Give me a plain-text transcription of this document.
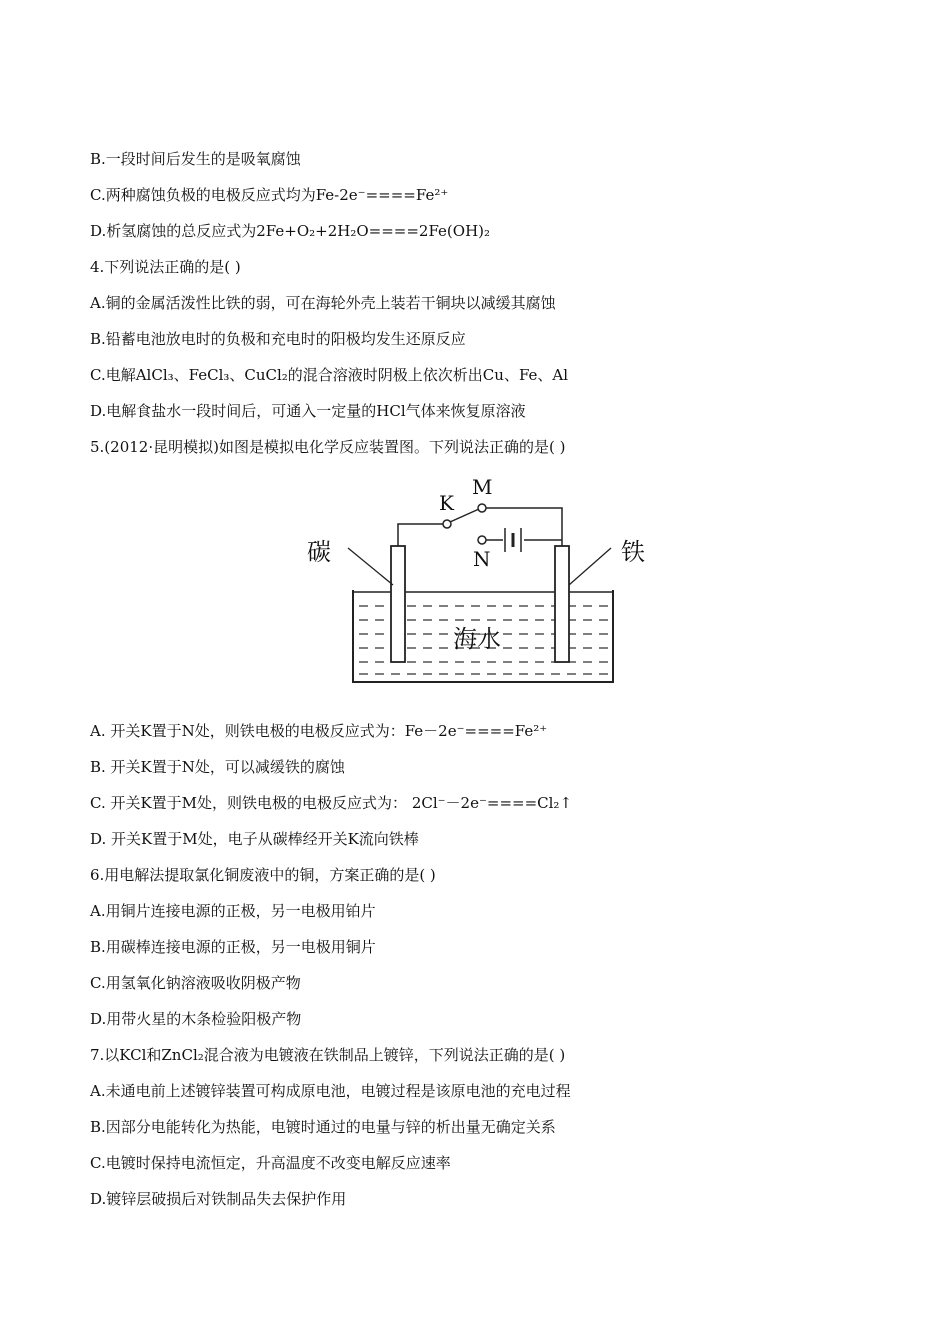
B.一段时间后发生的是吸氧腐蚀
C.两种腐蚀负极的电极反应式均为Fe-2e⁻====Fe²⁺
D.析氢腐蚀的总反应式为2Fe+O₂+2H₂O====2Fe(OH)₂
4.下列说法正确的是( )
A.铜的金属活泼性比铁的弱，可在海轮外壳上装若干铜块以减缓其腐蚀
B.铅蓄电池放电时的负极和充电时的阳极均发生还原反应
C.电解AlCl₃、FeCl₃、CuCl₂的混合溶液时阴极上依次析出Cu、Fe、Al
D.电解食盐水一段时间后，可通入一定量的HCl气体来恢复原溶液
5.(2012·昆明模拟)如图是模拟电化学反应装置图。下列说法正确的是( )
碳	铁
海水
K
M
N
A. 开关K置于N处，则铁电极的电极反应式为：Fe－2e⁻====Fe²⁺
B. 开关K置于N处，可以减缓铁的腐蚀
C. 开关K置于M处，则铁电极的电极反应式为： 2Cl⁻－2e⁻====Cl₂↑
D. 开关K置于M处，电子从碳棒经开关K流向铁棒
6.用电解法提取氯化铜废液中的铜，方案正确的是( )
A.用铜片连接电源的正极，另一电极用铂片
B.用碳棒连接电源的正极，另一电极用铜片
C.用氢氧化钠溶液吸收阴极产物
D.用带火星的木条检验阳极产物
7.以KCl和ZnCl₂混合液为电镀液在铁制品上镀锌，下列说法正确的是( )
A.未通电前上述镀锌装置可构成原电池，电镀过程是该原电池的充电过程
B.因部分电能转化为热能，电镀时通过的电量与锌的析出量无确定关系
C.电镀时保持电流恒定，升高温度不改变电解反应速率
D.镀锌层破损后对铁制品失去保护作用
